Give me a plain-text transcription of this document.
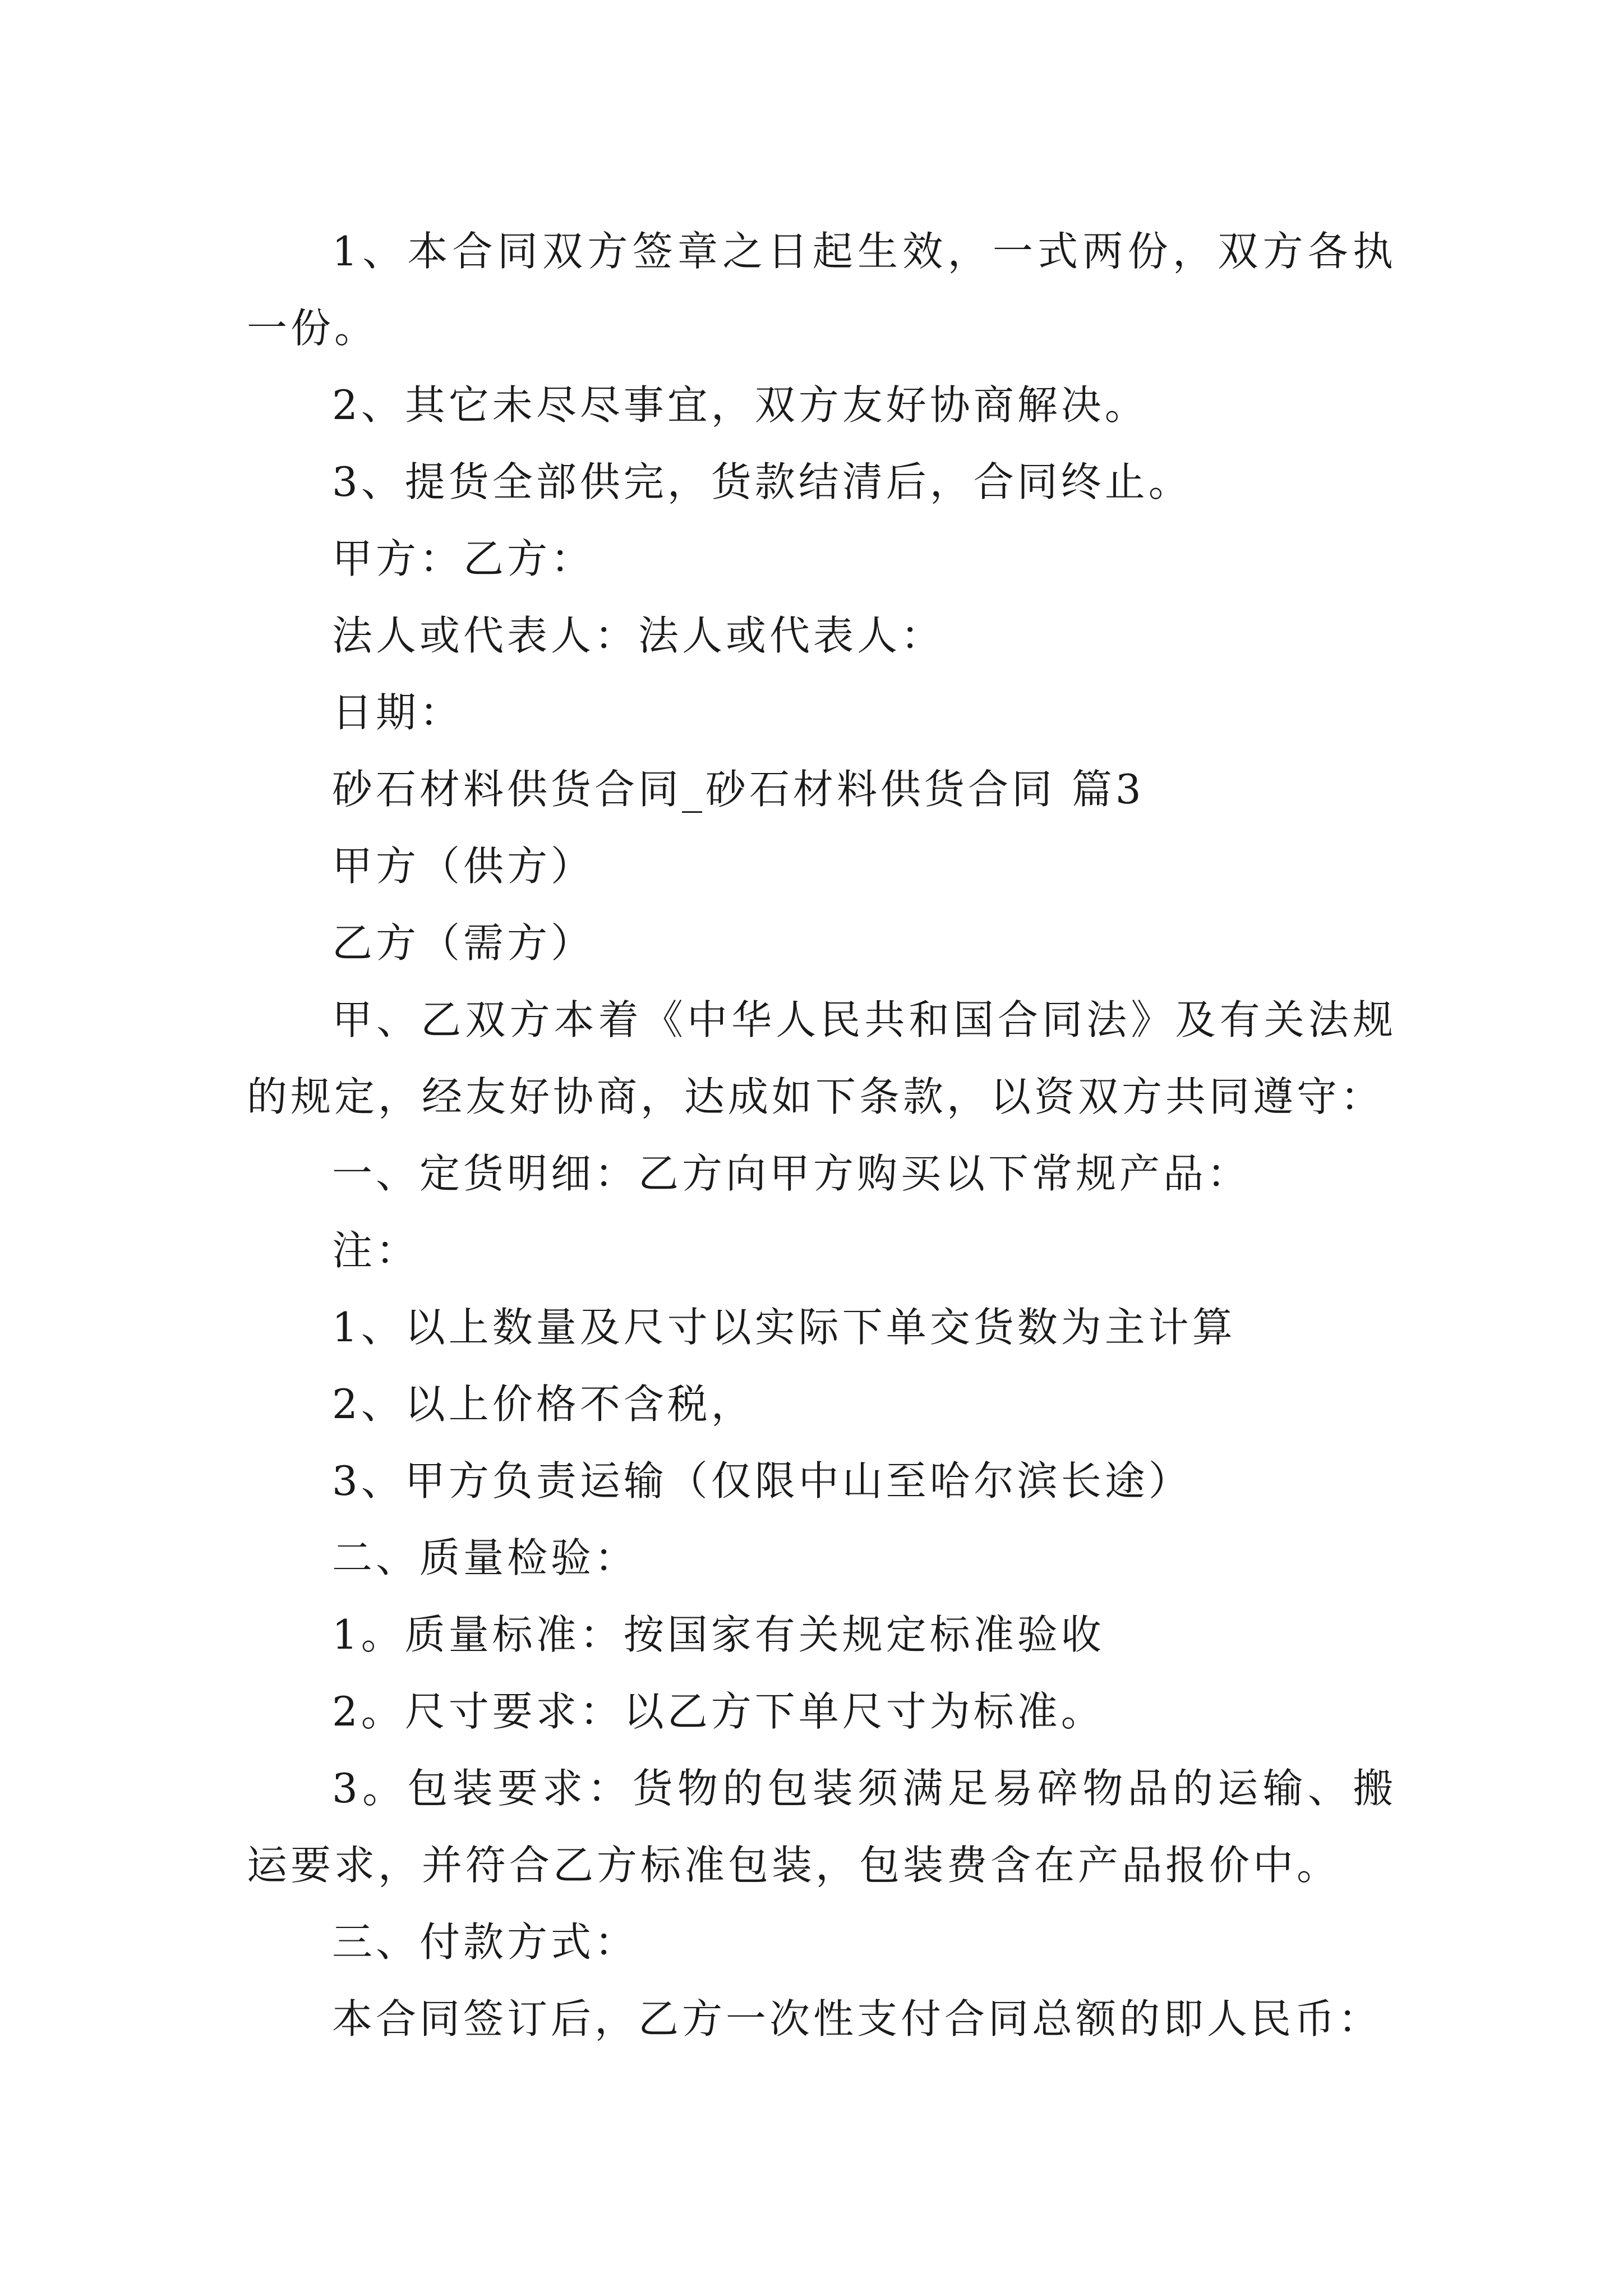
1、本合同双方签章之日起生效，一式两份，双方各执一份。

2、其它未尽尽事宜，双方友好协商解决。

3、提货全部供完，货款结清后，合同终止。

甲方：乙方：

法人或代表人：法人或代表人：

日期：

砂石材料供货合同_砂石材料供货合同 篇3

甲方（供方）

乙方（需方）

甲、乙双方本着《中华人民共和国合同法》及有关法规的规定，经友好协商，达成如下条款，以资双方共同遵守：

一、定货明细：乙方向甲方购买以下常规产品：

注：

1、以上数量及尺寸以实际下单交货数为主计算

2、以上价格不含税，

3、甲方负责运输（仅限中山至哈尔滨长途）

二、质量检验：

1。质量标准：按国家有关规定标准验收

2。尺寸要求：以乙方下单尺寸为标准。

3。包装要求：货物的包装须满足易碎物品的运输、搬运要求，并符合乙方标准包装，包装费含在产品报价中。

三、付款方式：

本合同签订后，乙方一次性支付合同总额的即人民币：
